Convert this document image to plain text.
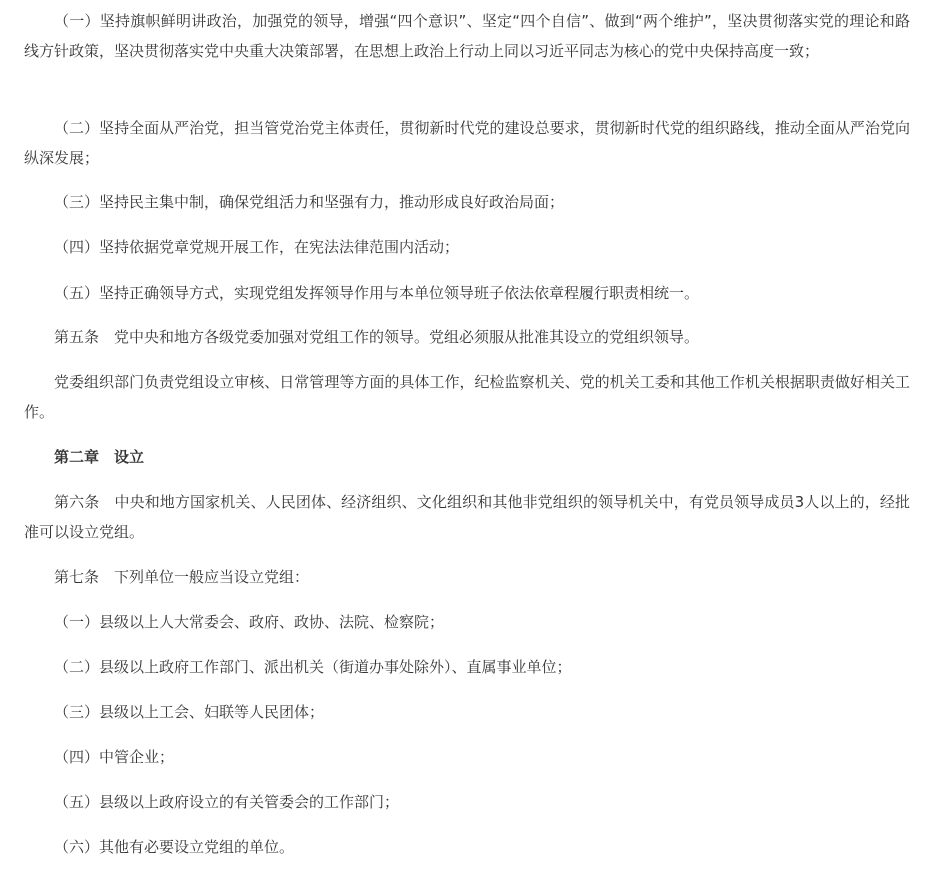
（一）坚持旗帜鲜明讲政治，加强党的领导，增强“四个意识”、坚定“四个自信”、做到“两个维护”，坚决贯彻落实党的理论和路线方针政策，坚决贯彻落实党中央重大决策部署，在思想上政治上行动上同以习近平同志为核心的党中央保持高度一致；

（二）坚持全面从严治党，担当管党治党主体责任，贯彻新时代党的建设总要求，贯彻新时代党的组织路线，推动全面从严治党向纵深发展；

（三）坚持民主集中制，确保党组活力和坚强有力，推动形成良好政治局面；

（四）坚持依据党章党规开展工作，在宪法法律范围内活动；

（五）坚持正确领导方式，实现党组发挥领导作用与本单位领导班子依法依章程履行职责相统一。

第五条　党中央和地方各级党委加强对党组工作的领导。党组必须服从批准其设立的党组织领导。

党委组织部门负责党组设立审核、日常管理等方面的具体工作，纪检监察机关、党的机关工委和其他工作机关根据职责做好相关工作。

第二章　设立

第六条　中央和地方国家机关、人民团体、经济组织、文化组织和其他非党组织的领导机关中，有党员领导成员3人以上的，经批准可以设立党组。

第七条　下列单位一般应当设立党组：

（一）县级以上人大常委会、政府、政协、法院、检察院；

（二）县级以上政府工作部门、派出机关（街道办事处除外）、直属事业单位；

（三）县级以上工会、妇联等人民团体；

（四）中管企业；

（五）县级以上政府设立的有关管委会的工作部门；

（六）其他有必要设立党组的单位。
